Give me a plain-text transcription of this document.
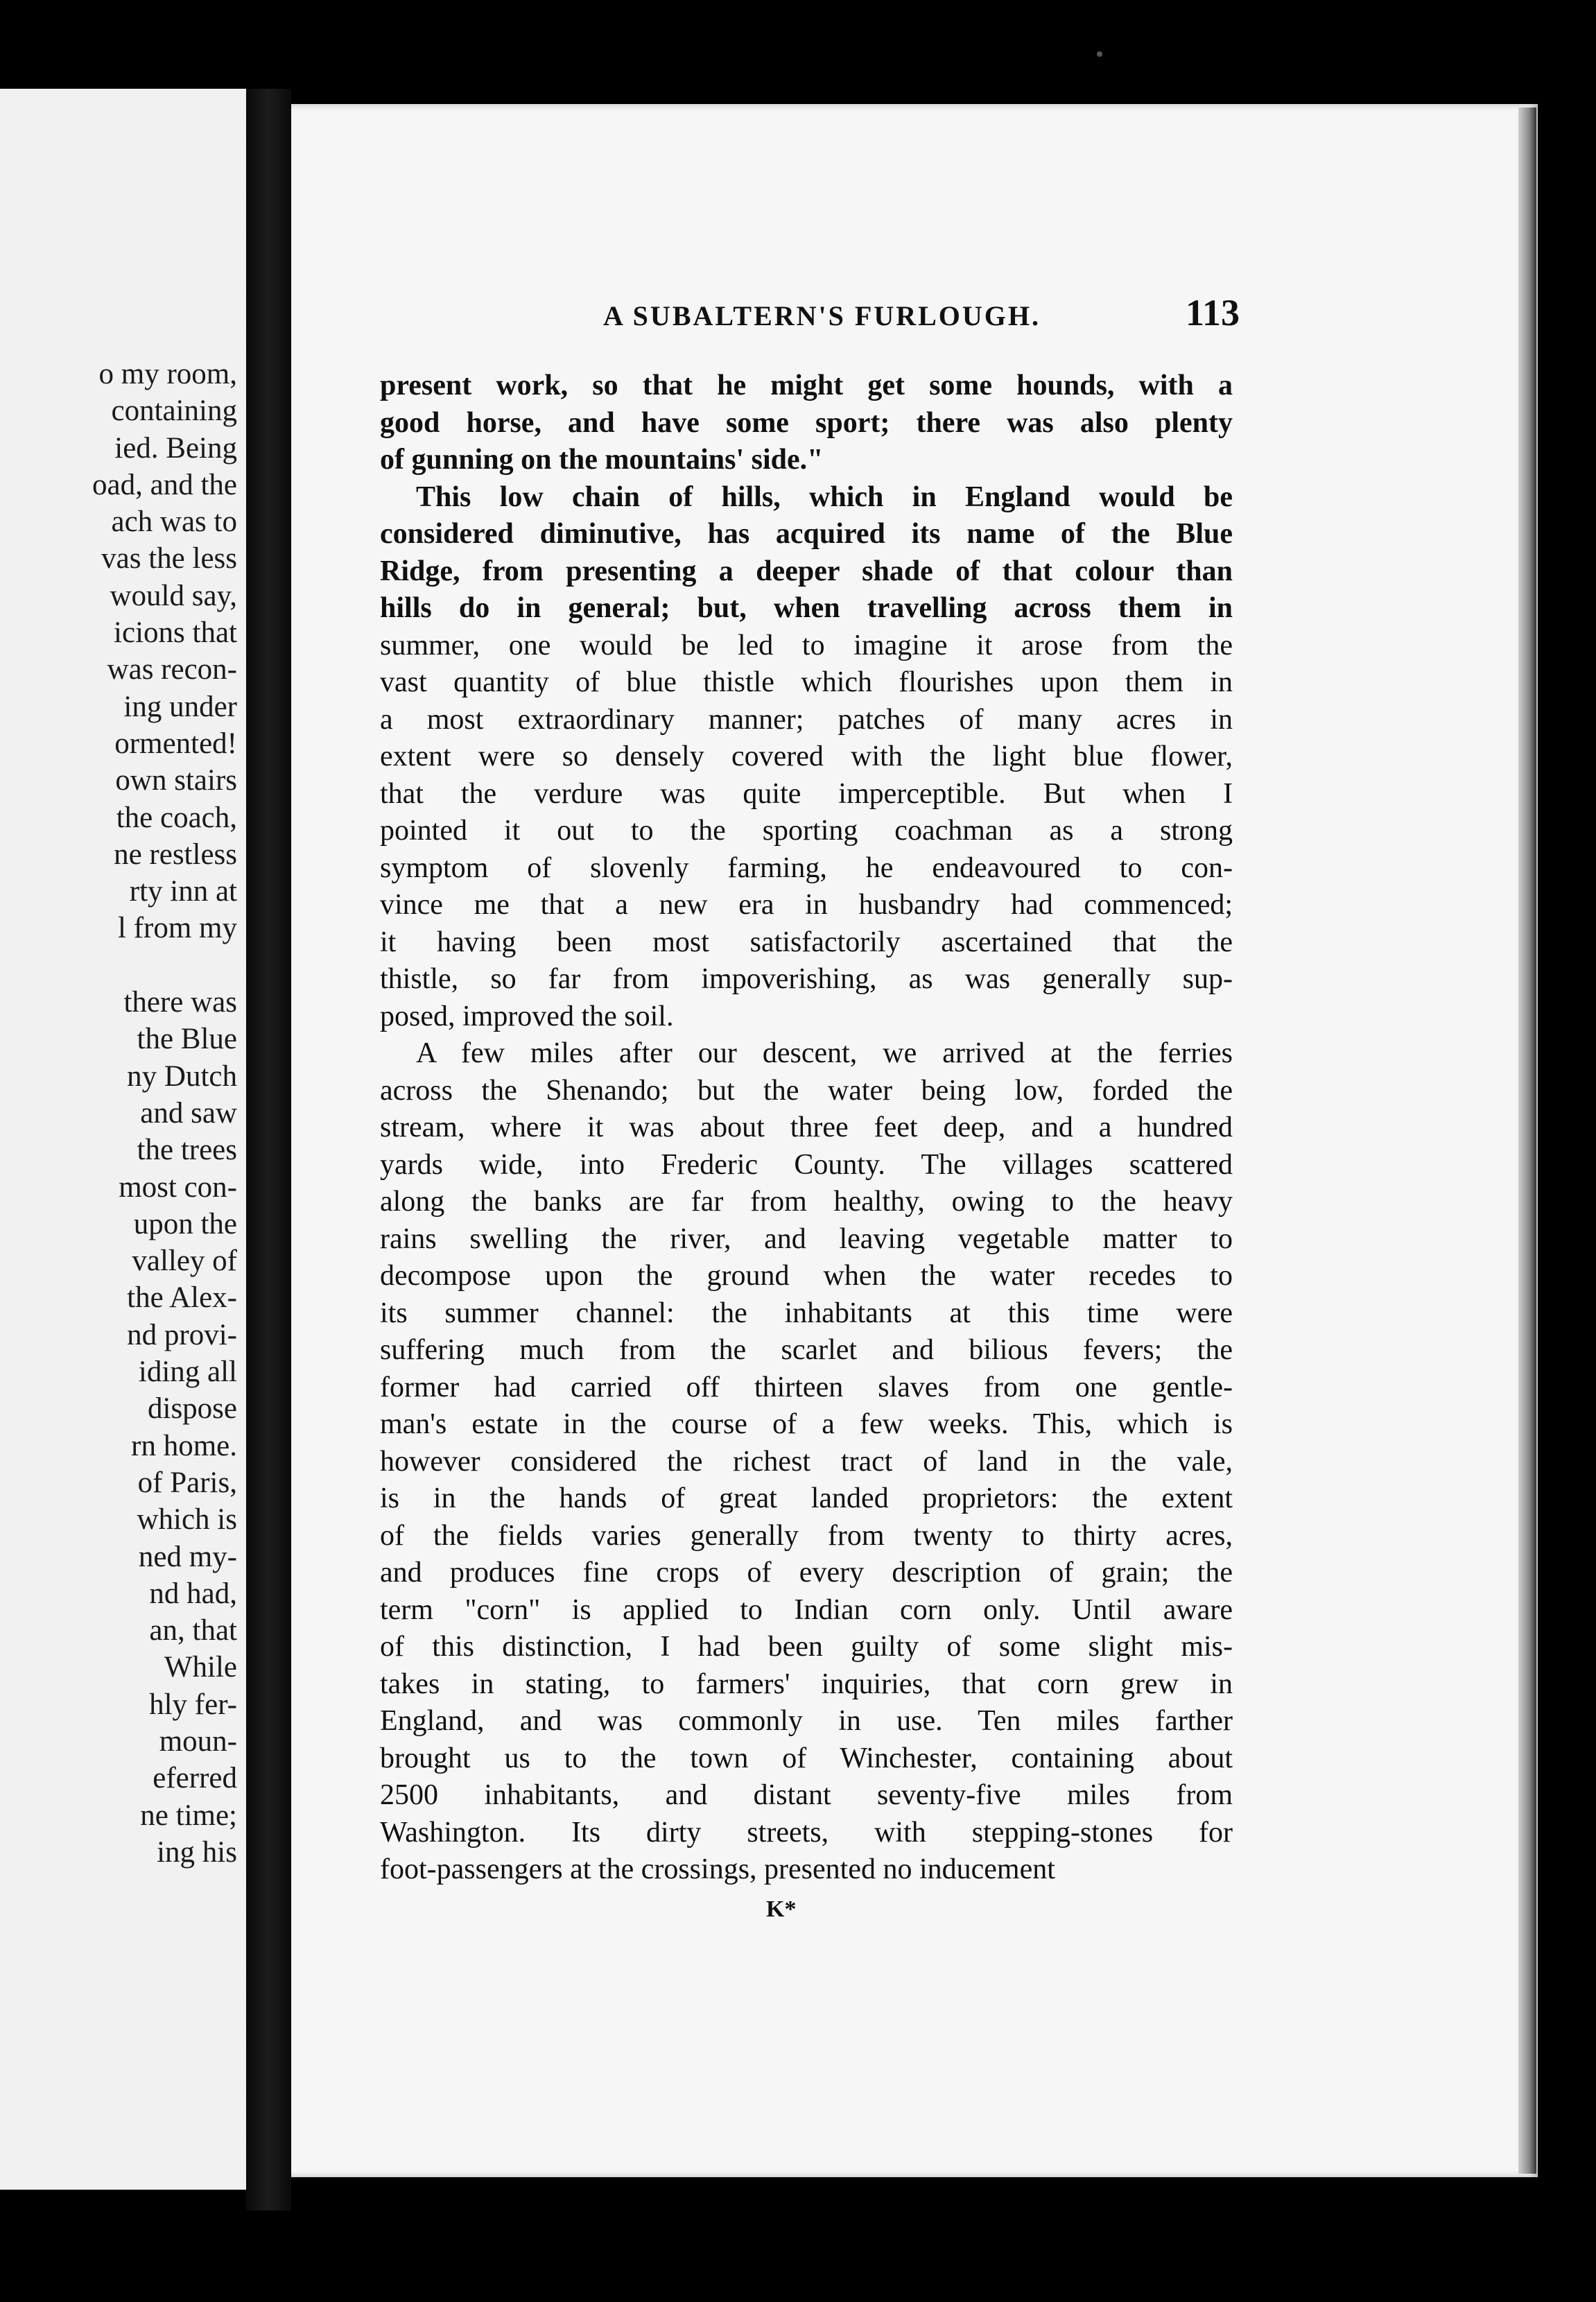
o my room,
containing
ied. Being
oad, and the
ach was to
vas the less
would say,
icions that
was recon-
ing under
ormented!
own stairs
the coach,
ne restless
rty inn at
l from my
there was
the Blue
ny Dutch
and saw
the trees
most con-
upon the
valley of
the Alex-
nd provi-
iding all
dispose
rn home.
of Paris,
which is
ned my-
nd had,
an, that
While
hly fer-
moun-
eferred
ne time;
ing his
A SUBALTERN'S FURLOUGH.	113
present work, so that he might get some hounds, with a
good horse, and have some sport; there was also plenty
of gunning on the mountains' side."
This low chain of hills, which in England would be
considered diminutive, has acquired its name of the Blue
Ridge, from presenting a deeper shade of that colour than
hills do in general; but, when travelling across them in
summer, one would be led to imagine it arose from the
vast quantity of blue thistle which flourishes upon them in
a most extraordinary manner; patches of many acres in
extent were so densely covered with the light blue flower,
that the verdure was quite imperceptible. But when I
pointed it out to the sporting coachman as a strong
symptom of slovenly farming, he endeavoured to con-
vince me that a new era in husbandry had commenced;
it having been most satisfactorily ascertained that the
thistle, so far from impoverishing, as was generally sup-
posed, improved the soil.
A few miles after our descent, we arrived at the ferries
across the Shenando; but the water being low, forded the
stream, where it was about three feet deep, and a hundred
yards wide, into Frederic County. The villages scattered
along the banks are far from healthy, owing to the heavy
rains swelling the river, and leaving vegetable matter to
decompose upon the ground when the water recedes to
its summer channel: the inhabitants at this time were
suffering much from the scarlet and bilious fevers; the
former had carried off thirteen slaves from one gentle-
man's estate in the course of a few weeks. This, which is
however considered the richest tract of land in the vale,
is in the hands of great landed proprietors: the extent
of the fields varies generally from twenty to thirty acres,
and produces fine crops of every description of grain; the
term "corn" is applied to Indian corn only. Until aware
of this distinction, I had been guilty of some slight mis-
takes in stating, to farmers' inquiries, that corn grew in
England, and was commonly in use. Ten miles farther
brought us to the town of Winchester, containing about
2500 inhabitants, and distant seventy-five miles from
Washington. Its dirty streets, with stepping-stones for
foot-passengers at the crossings, presented no inducement
K*
